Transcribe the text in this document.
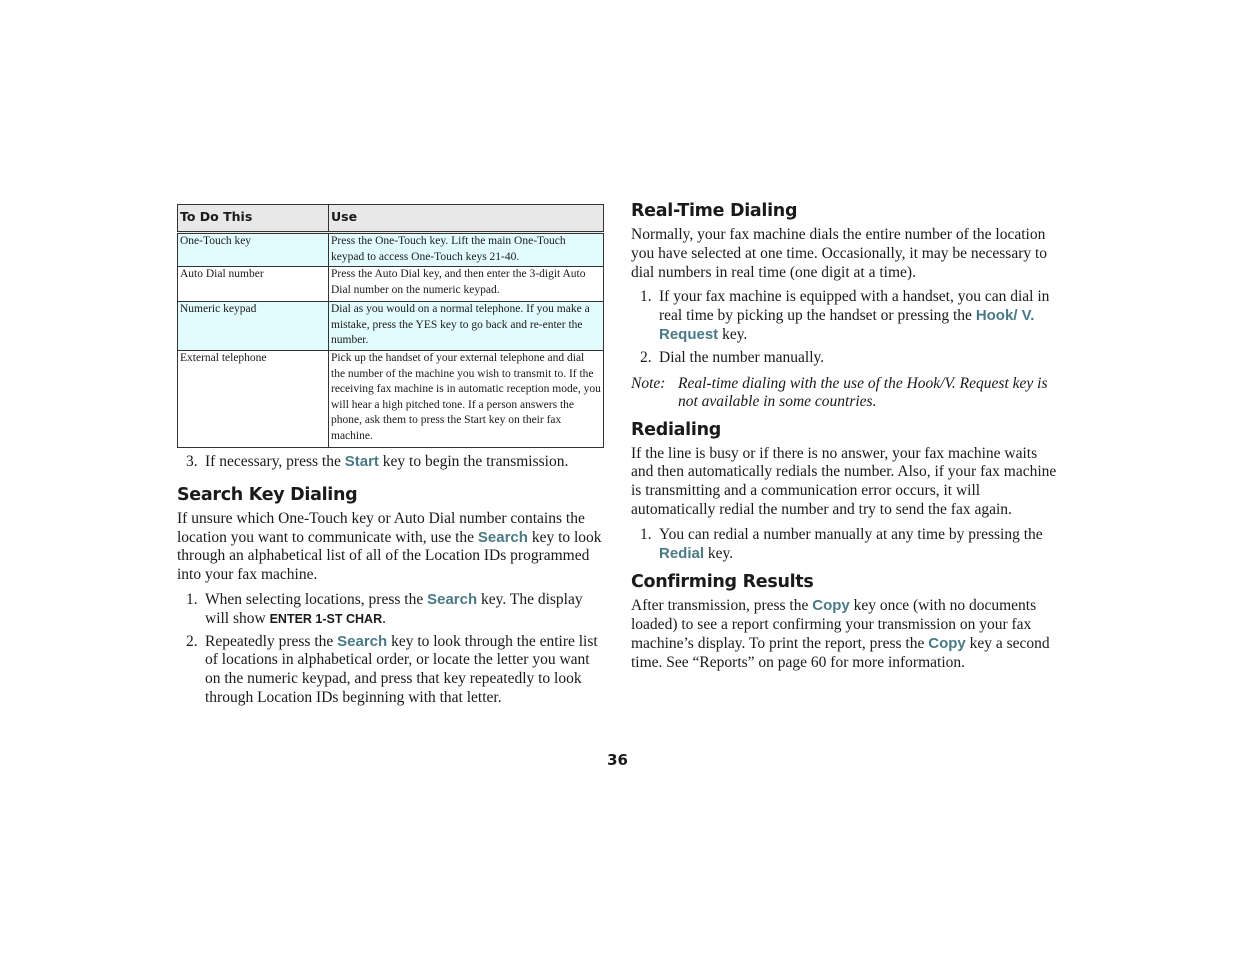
To Do This	Use
One-Touch key	Press the One-Touch key. Lift the main One-Touch keypad to access One-Touch keys 21-40.
Auto Dial number	Press the Auto Dial key, and then enter the 3-digit Auto Dial number on the numeric keypad.
Numeric keypad	Dial as you would on a normal telephone. If you make a mistake, press the YES key to go back and re-enter the number.
External telephone	Pick up the handset of your external telephone and dial the number of the machine you wish to transmit to. If the receiving fax machine is in automatic reception mode, you will hear a high pitched tone. If a person answers the phone, ask them to press the Start key on their fax machine.
3. If necessary, press the Start key to begin the transmission.
Search Key Dialing

If unsure which One-Touch key or Auto Dial number contains the location you want to communicate with, use the Search key to look through an alphabetical list of all of the Location IDs programmed into your fax machine.

1. When selecting locations, press the Search key. The display will show ENTER 1-ST CHAR.
2. Repeatedly press the Search key to look through the entire list of locations in alphabetical order, or locate the letter you want on the numeric keypad, and press that key repeatedly to look through Location IDs beginning with that letter.
Real-Time Dialing

Normally, your fax machine dials the entire number of the location you have selected at one time. Occasionally, it may be necessary to dial numbers in real time (one digit at a time).

1. If your fax machine is equipped with a handset, you can dial in real time by picking up the handset or pressing the Hook/ V. Request key.
2. Dial the number manually.
Note: Real-time dialing with the use of the Hook/V. Request key is not available in some countries.
Redialing

If the line is busy or if there is no answer, your fax machine waits and then automatically redials the number. Also, if your fax machine is transmitting and a communication error occurs, it will automatically redial the number and try to send the fax again.

1. You can redial a number manually at any time by pressing the Redial key.
Confirming Results

After transmission, press the Copy key once (with no documents loaded) to see a report confirming your transmission on your fax machine’s display. To print the report, press the Copy key a second time. See “Reports” on page 60 for more information.

36
